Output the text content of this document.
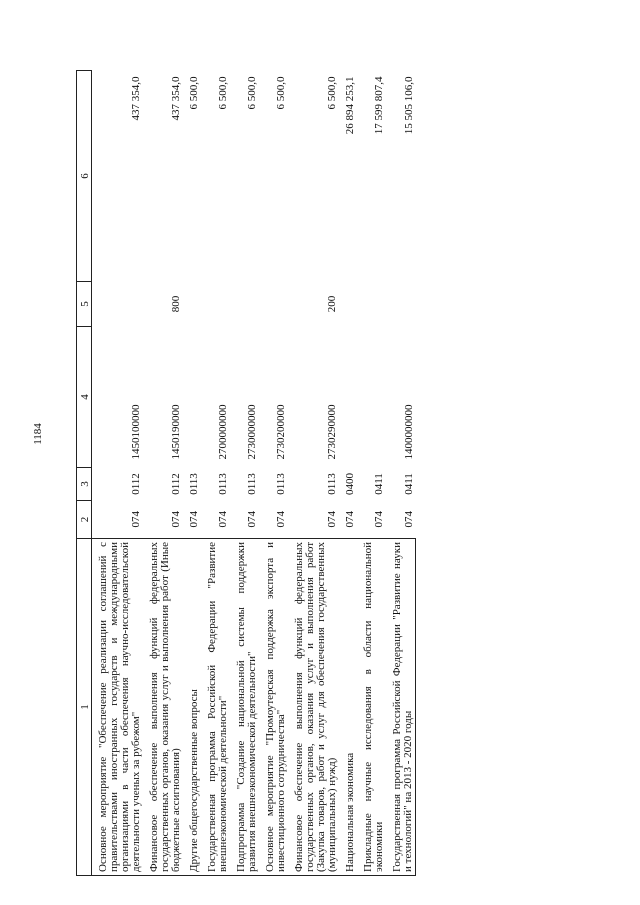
1184
1	2	3	4	5	6
Основное мероприятие "Обеспечение реализации соглашений с правительствами иностранных государств и международными организациями в части обеспечения научно-исследовательской деятельности ученых за рубежом"	074	0112	1450100000		437 354,0
Финансовое обеспечение выполнения функций федеральных государственных органов, оказания услуг и выполнения работ (Иные бюджетные ассигнования)	074	0112	1450190000	800	437 354,0
Другие общегосударственные вопросы	074	0113			6 500,0
Государственная программа Российской Федерации "Развитие внешнеэкономической деятельности"	074	0113	2700000000		6 500,0
Подпрограмма "Создание национальной системы поддержки развития внешнеэкономической деятельности"	074	0113	2730000000		6 500,0
Основное мероприятие "Промоутерская поддержка экспорта и инвестиционного сотрудничества"	074	0113	2730200000		6 500,0
Финансовое обеспечение выполнения функций федеральных государственных органов, оказания услуг и выполнения работ (Закупка товаров, работ и услуг для обеспечения государственных (муниципальных) нужд)	074	0113	2730290000	200	6 500,0
Национальная экономика	074	0400			26 894 253,1
Прикладные научные исследования в области национальной экономики	074	0411			17 599 807,4
Государственная программа Российской Федерации "Развитие науки и технологий" на 2013 - 2020 годы	074	0411	1400000000		15 505 106,0
